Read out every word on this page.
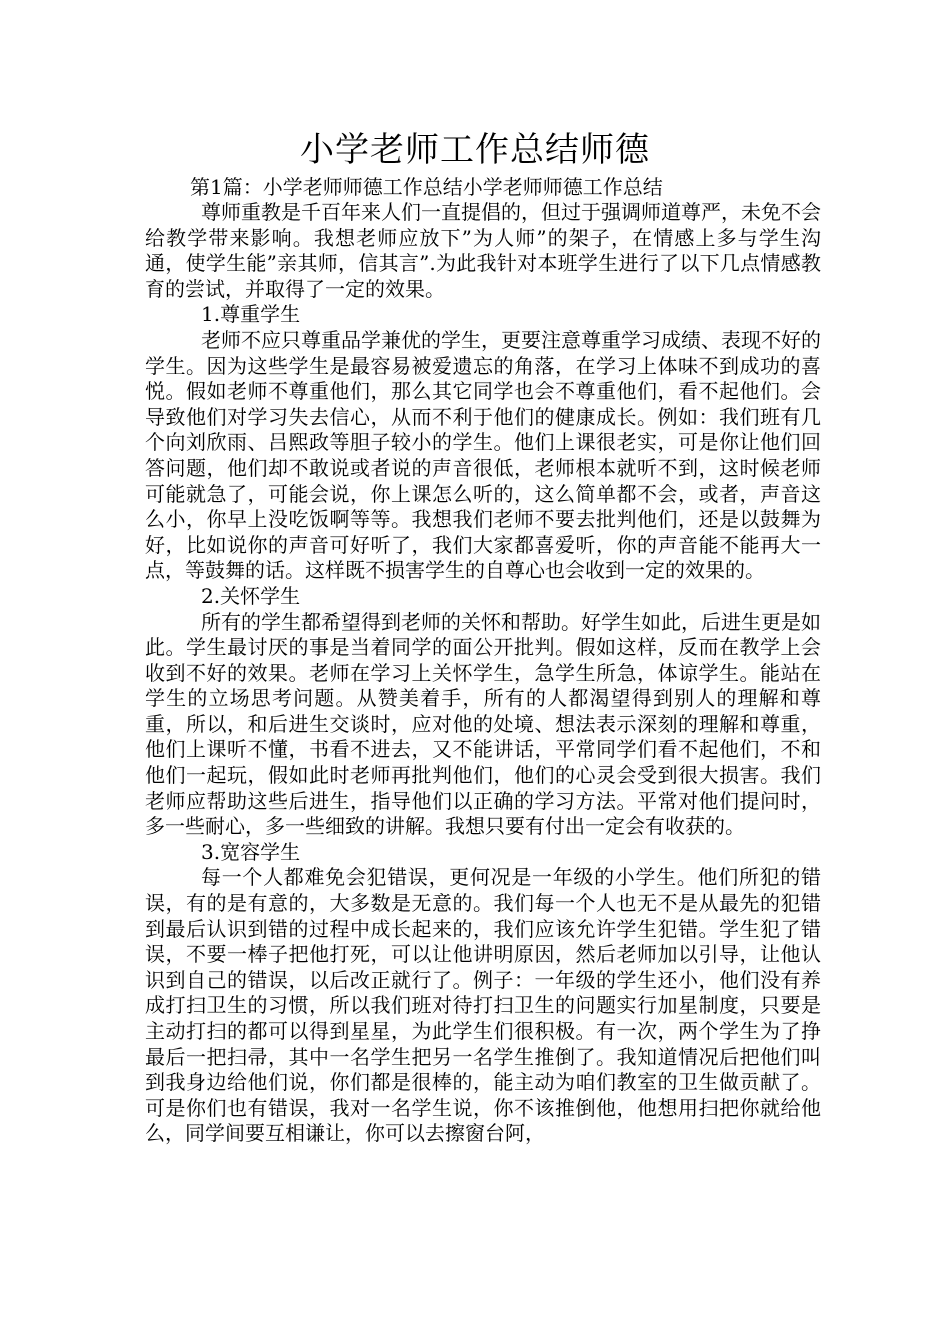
小学老师工作总结师德
第1篇：小学老师师德工作总结小学老师师德工作总结

尊师重教是千百年来人们一直提倡的，但过于强调师道尊严，未免不会给教学带来影响。我想老师应放下”为人师”的架子，在情感上多与学生沟通，使学生能”亲其师，信其言”.为此我针对本班学生进行了以下几点情感教育的尝试，并取得了一定的效果。

1.尊重学生

老师不应只尊重品学兼优的学生，更要注意尊重学习成绩、表现不好的学生。因为这些学生是最容易被爱遗忘的角落，在学习上体味不到成功的喜悦。假如老师不尊重他们，那么其它同学也会不尊重他们，看不起他们。会导致他们对学习失去信心，从而不利于他们的健康成长。例如：我们班有几个向刘欣雨、吕熙政等胆子较小的学生。他们上课很老实，可是你让他们回答问题，他们却不敢说或者说的声音很低，老师根本就听不到，这时候老师可能就急了，可能会说，你上课怎么听的，这么简单都不会，或者，声音这么小，你早上没吃饭啊等等。我想我们老师不要去批判他们，还是以鼓舞为好，比如说你的声音可好听了，我们大家都喜爱听，你的声音能不能再大一点，等鼓舞的话。这样既不损害学生的自尊心也会收到一定的效果的。

2.关怀学生

所有的学生都希望得到老师的关怀和帮助。好学生如此，后进生更是如此。学生最讨厌的事是当着同学的面公开批判。假如这样，反而在教学上会收到不好的效果。老师在学习上关怀学生，急学生所急，体谅学生。能站在学生的立场思考问题。从赞美着手，所有的人都渴望得到别人的理解和尊重，所以，和后进生交谈时，应对他的处境、想法表示深刻的理解和尊重，他们上课听不懂，书看不进去，又不能讲话，平常同学们看不起他们，不和他们一起玩，假如此时老师再批判他们，他们的心灵会受到很大损害。我们老师应帮助这些后进生，指导他们以正确的学习方法。平常对他们提问时，多一些耐心，多一些细致的讲解。我想只要有付出一定会有收获的。

3.宽容学生

每一个人都难免会犯错误，更何况是一年级的小学生。他们所犯的错误，有的是有意的，大多数是无意的。我们每一个人也无不是从最先的犯错到最后认识到错的过程中成长起来的，我们应该允许学生犯错。学生犯了错误，不要一棒子把他打死，可以让他讲明原因，然后老师加以引导，让他认识到自己的错误，以后改正就行了。例子：一年级的学生还小，他们没有养成打扫卫生的习惯，所以我们班对待打扫卫生的问题实行加星制度，只要是主动打扫的都可以得到星星，为此学生们很积极。有一次，两个学生为了挣最后一把扫帚，其中一名学生把另一名学生推倒了。我知道情况后把他们叫到我身边给他们说，你们都是很棒的，能主动为咱们教室的卫生做贡献了。可是你们也有错误，我对一名学生说，你不该推倒他，他想用扫把你就给他么，同学间要互相谦让，你可以去擦窗台阿，
